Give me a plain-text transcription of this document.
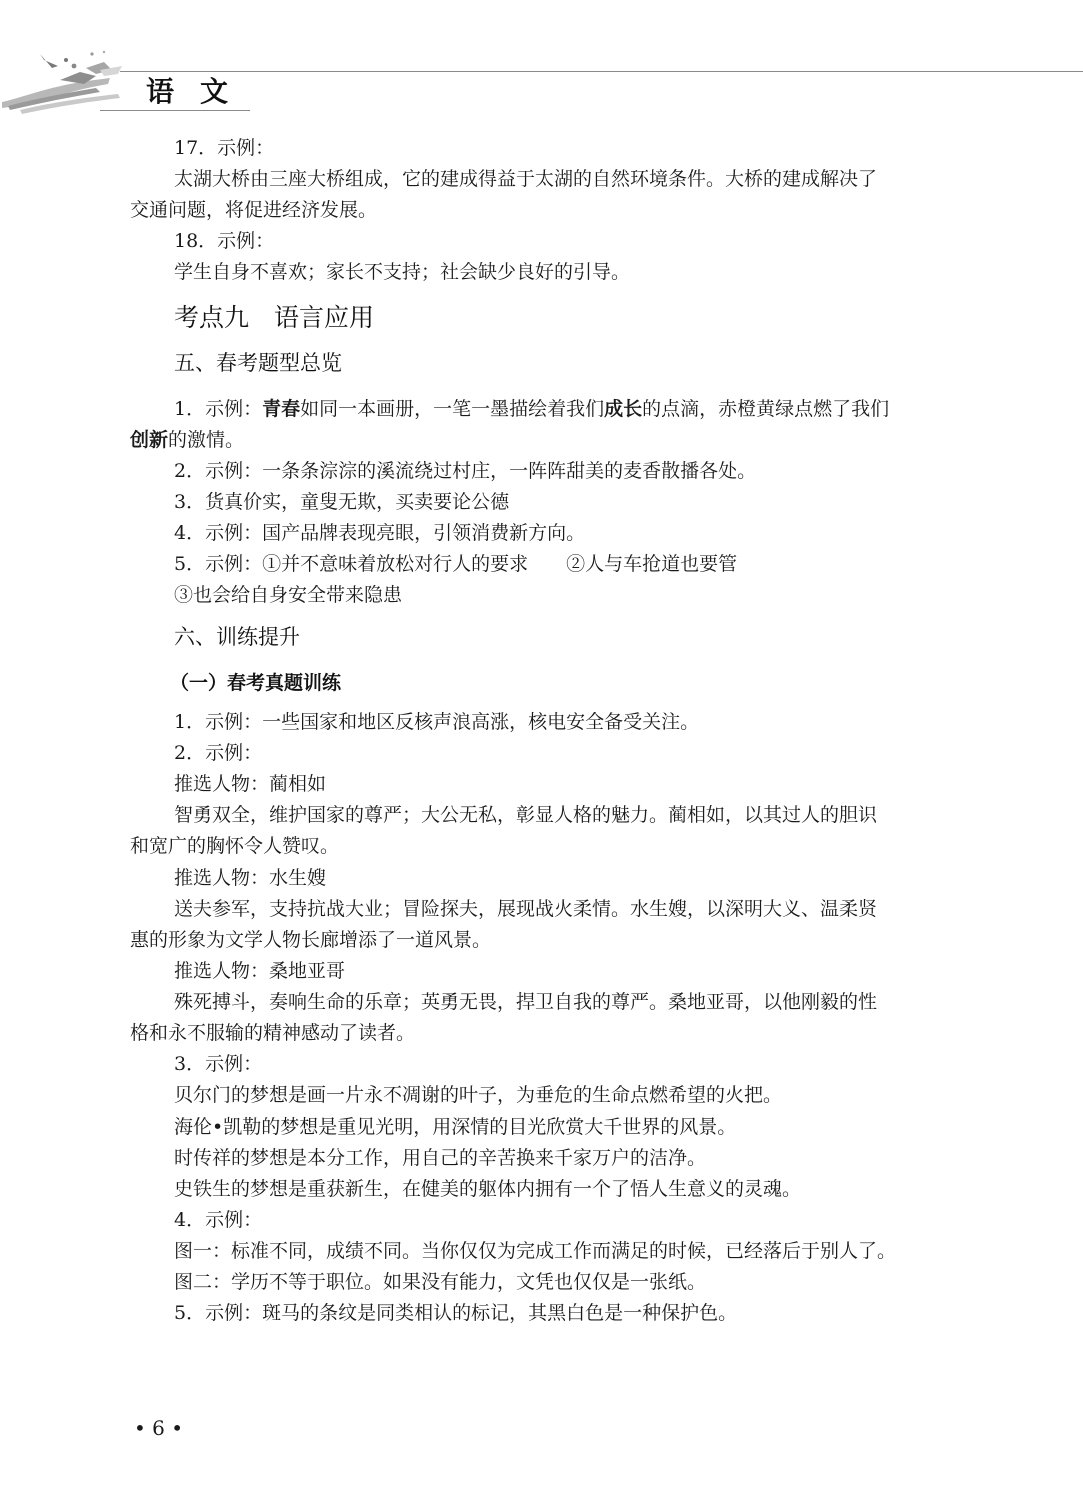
语文
17．示例：
太湖大桥由三座大桥组成，它的建成得益于太湖的自然环境条件。大桥的建成解决了
交通问题，将促进经济发展。
18．示例：
学生自身不喜欢；家长不支持；社会缺少良好的引导。
考点九　语言应用
五、春考题型总览
1．示例：青春如同一本画册，一笔一墨描绘着我们成长的点滴，赤橙黄绿点燃了我们
创新的激情。
2．示例：一条条淙淙的溪流绕过村庄，一阵阵甜美的麦香散播各处。
3．货真价实，童叟无欺，买卖要论公德
4．示例：国产品牌表现亮眼，引领消费新方向。
5．示例：①并不意味着放松对行人的要求　　②人与车抢道也要管
③也会给自身安全带来隐患
六、训练提升
（一）春考真题训练
1．示例：一些国家和地区反核声浪高涨，核电安全备受关注。
2．示例：
推选人物：蔺相如
智勇双全，维护国家的尊严；大公无私，彰显人格的魅力。蔺相如，以其过人的胆识
和宽广的胸怀令人赞叹。
推选人物：水生嫂
送夫参军，支持抗战大业；冒险探夫，展现战火柔情。水生嫂，以深明大义、温柔贤
惠的形象为文学人物长廊增添了一道风景。
推选人物：桑地亚哥
殊死搏斗，奏响生命的乐章；英勇无畏，捍卫自我的尊严。桑地亚哥，以他刚毅的性
格和永不服输的精神感动了读者。
3．示例：
贝尔门的梦想是画一片永不凋谢的叶子，为垂危的生命点燃希望的火把。
海伦•凯勒的梦想是重见光明，用深情的目光欣赏大千世界的风景。
时传祥的梦想是本分工作，用自己的辛苦换来千家万户的洁净。
史铁生的梦想是重获新生，在健美的躯体内拥有一个了悟人生意义的灵魂。
4．示例：
图一：标准不同，成绩不同。当你仅仅为完成工作而满足的时候，已经落后于别人了。
图二：学历不等于职位。如果没有能力，文凭也仅仅是一张纸。
5．示例：斑马的条纹是同类相认的标记，其黑白色是一种保护色。
• 6 •
